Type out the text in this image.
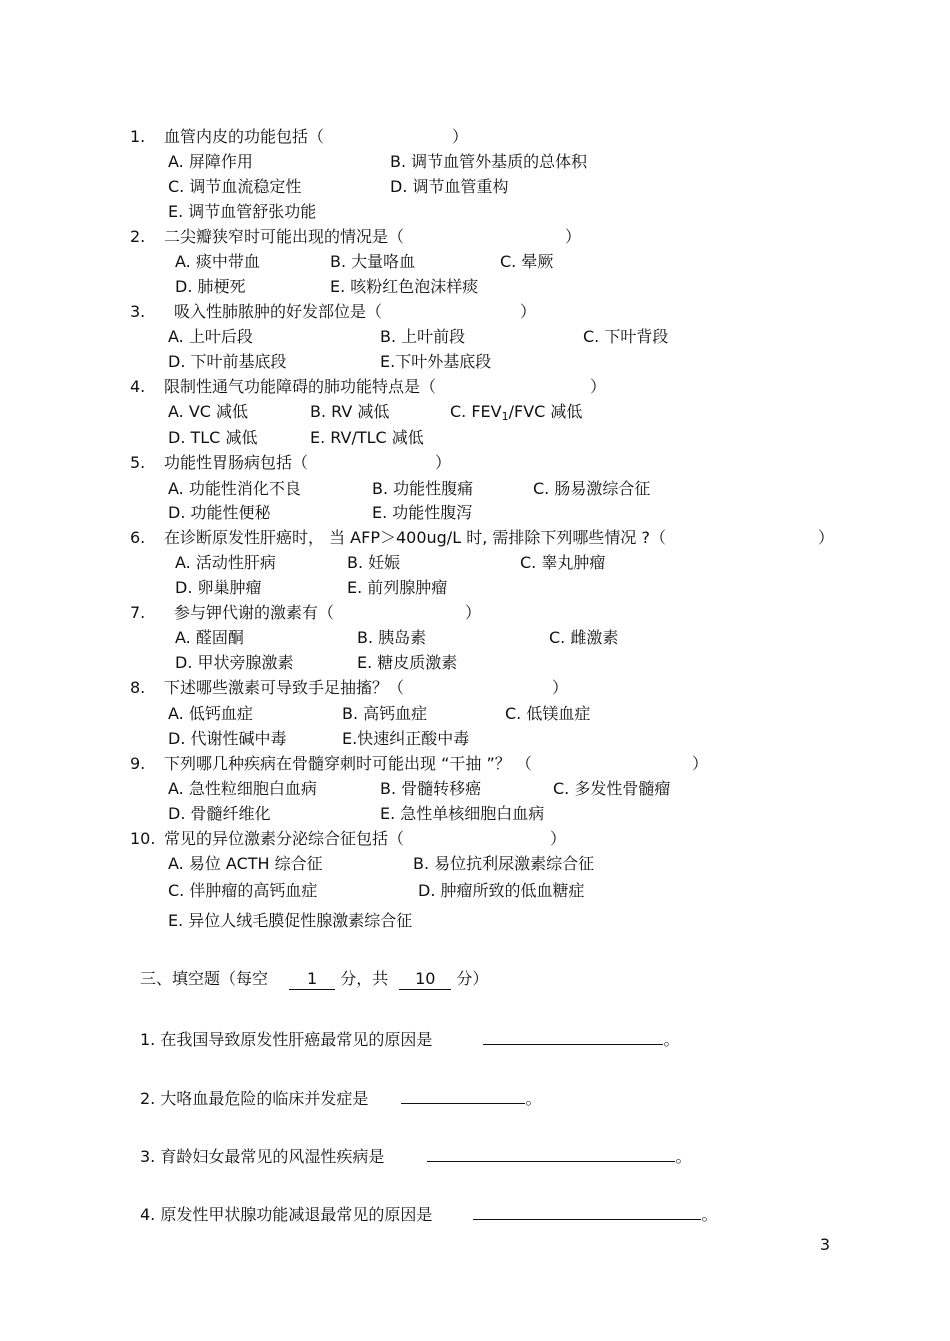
1. 血管内皮的功能包括（	）
A. 屏障作用	B. 调节血管外基质的总体积
C. 调节血流稳定性	D. 调节血管重构
E. 调节血管舒张功能
2. 二尖瓣狭窄时可能出现的情况是（	）
A. 痰中带血	B. 大量咯血	C. 晕厥
D. 肺梗死	E. 咳粉红色泡沫样痰
3. 吸入性肺脓肿的好发部位是（	）
A. 上叶后段	B. 上叶前段	C. 下叶背段
D. 下叶前基底段	E.下叶外基底段
4. 限制性通气功能障碍的肺功能特点是（	）
A. VC 减低	B. RV 减低	C. $FEV_1$/FVC 减低
D. TLC 减低	E. RV/TLC 减低
5. 功能性胃肠病包括（	）
A. 功能性消化不良	B. 功能性腹痛	C. 肠易激综合征
D. 功能性便秘	E. 功能性腹泻
6. 在诊断原发性肝癌时， 当 AFP＞400ug/L 时, 需排除下列哪些情况 ?（	）
A. 活动性肝病	B. 妊娠	C. 睾丸肿瘤
D. 卵巢肿瘤	E. 前列腺肿瘤
7. 参与钾代谢的激素有（	）
A. 醛固酮	B. 胰岛素	C. 雌激素
D. 甲状旁腺激素	E. 糖皮质激素
8. 下述哪些激素可导致手足抽搐？（	）
A. 低钙血症	B. 高钙血症	C. 低镁血症
D. 代谢性碱中毒	E.快速纠正酸中毒
9. 下列哪几种疾病在骨髓穿刺时可能出现 “干抽 ”？ （	）
A. 急性粒细胞白血病	B. 骨髓转移癌	C. 多发性骨髓瘤
D. 骨髓纤维化	E. 急性单核细胞白血病
10. 常见的异位激素分泌综合征包括（	）
A. 易位 ACTH 综合征	B. 易位抗利尿激素综合征
C. 伴肿瘤的高钙血症	D. 肿瘤所致的低血糖症
E. 异位人绒毛膜促性腺激素综合征
三、填空题（每空 1 分，共 10 分）
1. 在我国导致原发性肝癌最常见的原因是	。
2. 大咯血最危险的临床并发症是	。
3. 育龄妇女最常见的风湿性疾病是	。
4. 原发性甲状腺功能减退最常见的原因是	。
3
